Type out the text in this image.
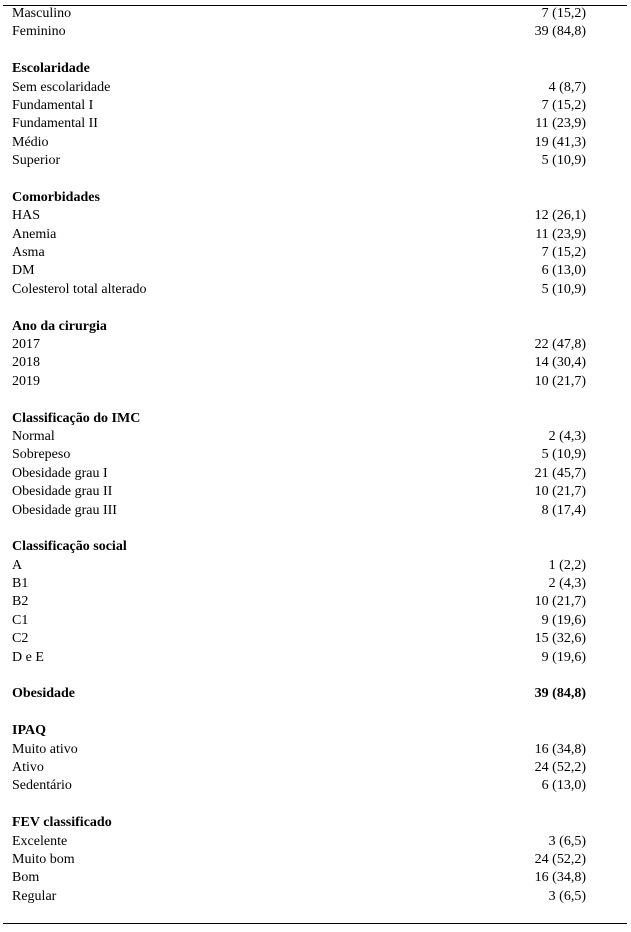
Masculino	7 (15,2)
Feminino	39 (84,8)
Escolaridade
Sem escolaridade	4 (8,7)
Fundamental I	7 (15,2)
Fundamental II	11 (23,9)
Médio	19 (41,3)
Superior	5 (10,9)
Comorbidades
HAS	12 (26,1)
Anemia	11 (23,9)
Asma	7 (15,2)
DM	6 (13,0)
Colesterol total alterado	5 (10,9)
Ano da cirurgia
2017	22 (47,8)
2018	14 (30,4)
2019	10 (21,7)
Classificação do IMC
Normal	2 (4,3)
Sobrepeso	5 (10,9)
Obesidade grau I	21 (45,7)
Obesidade grau II	10 (21,7)
Obesidade grau III	8 (17,4)
Classificação social
A	1 (2,2)
B1	2 (4,3)
B2	10 (21,7)
C1	9 (19,6)
C2	15 (32,6)
D e E	9 (19,6)
Obesidade	39 (84,8)
IPAQ
Muito ativo	16 (34,8)
Ativo	24 (52,2)
Sedentário	6 (13,0)
FEV classificado
Excelente	3 (6,5)
Muito bom	24 (52,2)
Bom	16 (34,8)
Regular	3 (6,5)
